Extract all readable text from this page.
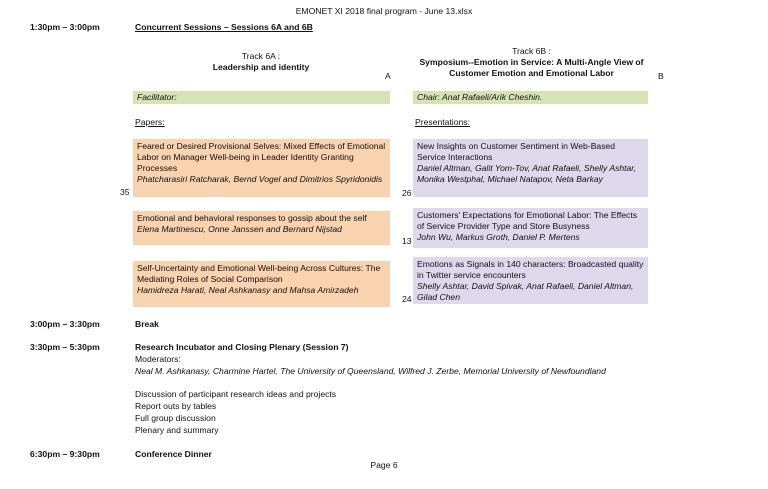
EMONET XI 2018 final program - June 13.xlsx
1:30pm – 3:00pm	Concurrent Sessions – Sessions 6A and 6B
Track 6A :
Leadership and identity
A
Track 6B :
Symposium--Emotion in Service: A Multi-Angle View of Customer Emotion and Emotional Labor	B
Facilitator:	Chair: Anat Rafaeli/Arik Cheshin.
Papers:	Presentations:
Feared or Desired Provisional Selves: Mixed Effects of Emotional Labor on Manager Well-being in Leader Identity Granting Processes
Phatcharasiri Ratcharak, Bernd Vogel and Dimitrios Spyridonidis
35
Emotional and behavioral responses to gossip about the self
Elena Martinescu, Onne Janssen and Bernard Nijstad
Self-Uncertainty and Emotional Well-being Across Cultures: The Mediating Roles of Social Comparison
Hamidreza Harati, Neal Ashkanasy and Mahsa Amirzadeh
New Insights on Customer Sentiment in Web-Based Service Interactions
Daniel Altman, Galit Yom-Tov, Anat Rafaeli, Shelly Ashtar, Monika Westphal, Michael Natapov, Neta Barkay
26
Customers’ Expectations for Emotional Labor: The Effects of Service Provider Type and Store Busyness
John Wu, Markus Groth, Daniel P. Mertens
13
Emotions as Signals in 140 characters: Broadcasted quality in Twitter service encounters
Shelly Ashtar, David Spivak, Anat Rafaeli, Daniel Altman, Gilad Chen
24
3:00pm – 3:30pm	Break
3:30pm – 5:30pm	Research Incubator and Closing Plenary (Session 7)
Moderators:
Neal M. Ashkanasy, Charmine Hartel, The University of Queensland, Wilfred J. Zerbe, Memorial University of Newfoundland
Discussion of participant research ideas and projects
Report outs by tables
Full group discussion
Plenary and summary
6:30pm – 9:30pm	Conference Dinner
Page 6
